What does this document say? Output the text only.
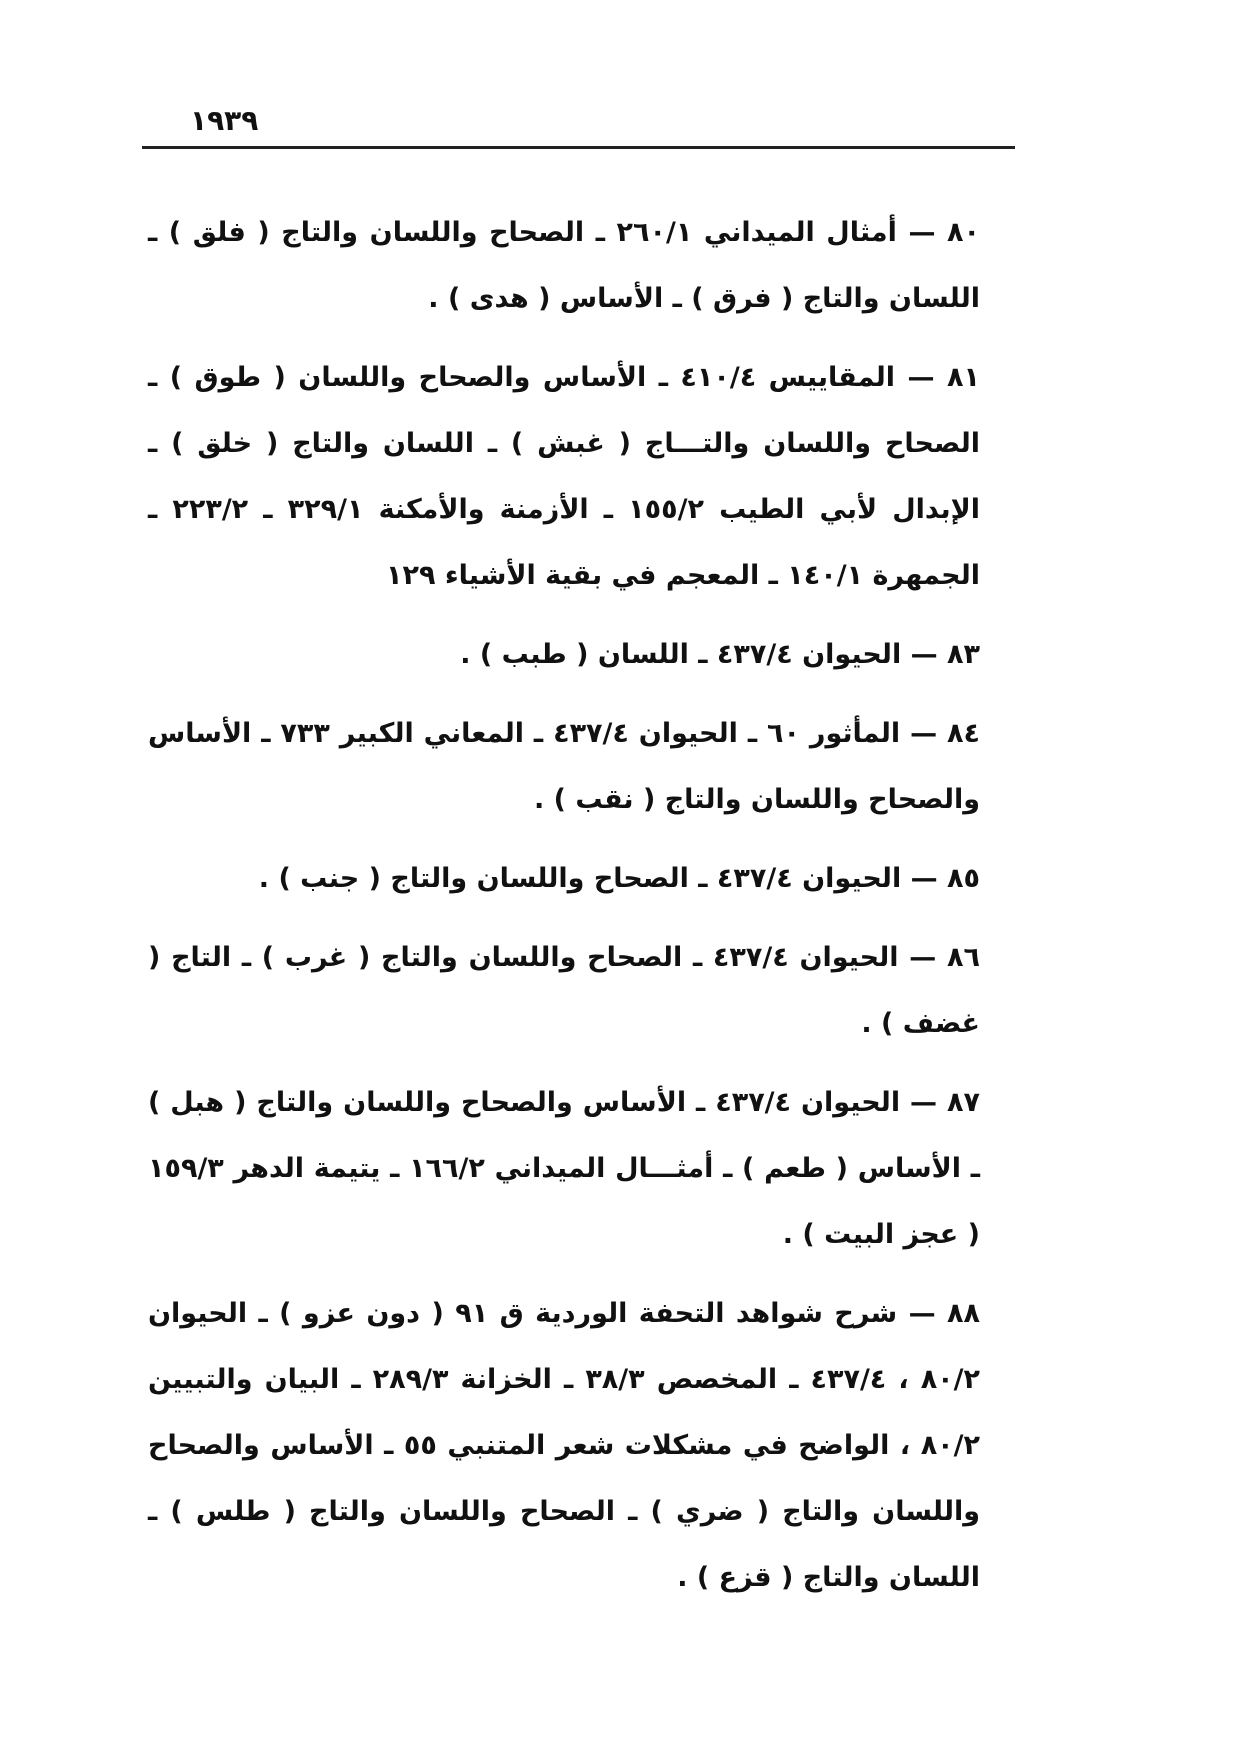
١٩٣٩

٨٠ — أمثال الميداني ٢٦٠/١ ـ الصحاح واللسان والتاج ( فلق ) ـ اللسان والتاج ( فرق ) ـ الأساس ( هدى ) .

٨١ — المقاييس ٤١٠/٤ ـ الأساس والصحاح واللسان ( طوق ) ـ الصحاح واللسان والتـــاج ( غبش ) ـ اللسان والتاج ( خلق ) ـ الإبدال لأبي الطيب ١٥٥/٢ ـ الأزمنة والأمكنة ٣٢٩/١ ـ ٢٢٣/٢ ـ الجمهرة ١٤٠/١ ـ المعجم في بقية الأشياء ١٢٩

٨٣ — الحيوان ٤٣٧/٤ ـ اللسان ( طبب ) .

٨٤ — المأثور ٦٠ ـ الحيوان ٤٣٧/٤ ـ المعاني الكبير ٧٣٣ ـ الأساس والصحاح واللسان والتاج ( نقب ) .

٨٥ — الحيوان ٤٣٧/٤ ـ الصحاح واللسان والتاج ( جنب ) .

٨٦ — الحيوان ٤٣٧/٤ ـ الصحاح واللسان والتاج ( غرب ) ـ التاج ( غضف ) .

٨٧ — الحيوان ٤٣٧/٤ ـ الأساس والصحاح واللسان والتاج ( هبل ) ـ الأساس ( طعم ) ـ أمثـــال الميداني ١٦٦/٢ ـ يتيمة الدهر ١٥٩/٣ ( عجز البيت ) .

٨٨ — شرح شواهد التحفة الوردية ق ٩١ ( دون عزو ) ـ الحيوان ٨٠/٢ ، ٤٣٧/٤ ـ المخصص ٣٨/٣ ـ الخزانة ٢٨٩/٣ ـ البيان والتبيين ٨٠/٢ ، الواضح في مشكلات شعر المتنبي ٥٥ ـ الأساس والصحاح واللسان والتاج ( ضري ) ـ الصحاح واللسان والتاج ( طلس ) ـ اللسان والتاج ( قزع ) .
